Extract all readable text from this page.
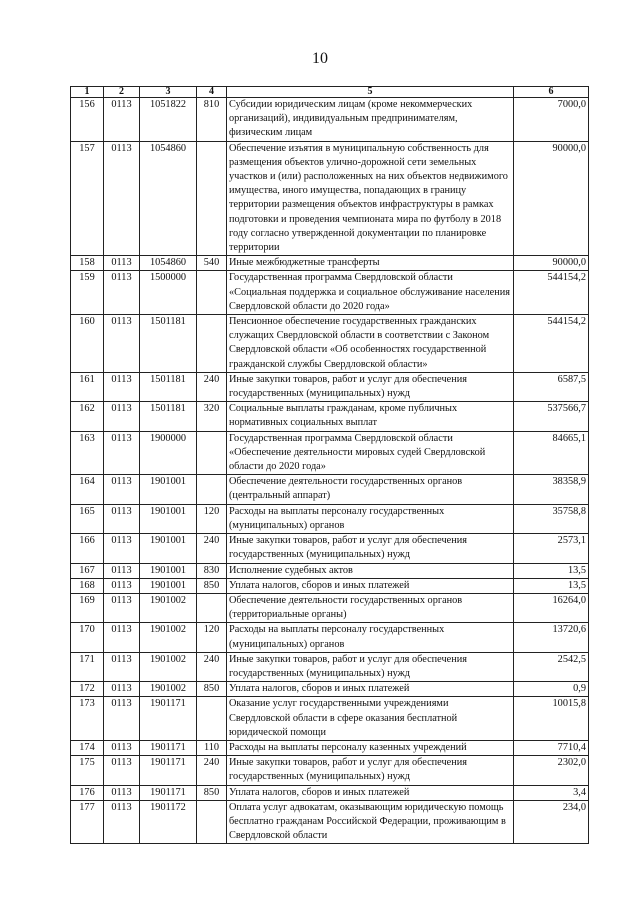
10
1	2	3	4	5	6
156	0113	1051822	810	Субсидии юридическим лицам (кроме некоммерческих организаций), индивидуальным предпринимателям, физическим лицам	7000,0
157	0113	1054860		Обеспечение изъятия в муниципальную собственность для размещения объектов улично-дорожной сети земельных участков и (или) расположенных на них объектов недвижимого имущества, иного имущества, попадающих в границу территории размещения объектов инфраструктуры в рамках подготовки и проведения чемпионата мира по футболу в 2018 году согласно утвержденной документации по планировке территории	90000,0
158	0113	1054860	540	Иные межбюджетные трансферты	90000,0
159	0113	1500000		Государственная программа Свердловской области «Социальная поддержка и социальное обслуживание населения Свердловской области до 2020 года»	544154,2
160	0113	1501181		Пенсионное обеспечение государственных гражданских служащих Свердловской области в соответствии с Законом Свердловской области «Об особенностях государственной гражданской службы Свердловской области»	544154,2
161	0113	1501181	240	Иные закупки товаров, работ и услуг для обеспечения государственных (муниципальных) нужд	6587,5
162	0113	1501181	320	Социальные выплаты гражданам, кроме публичных нормативных социальных выплат	537566,7
163	0113	1900000		Государственная программа Свердловской области «Обеспечение деятельности мировых судей Свердловской области до 2020 года»	84665,1
164	0113	1901001		Обеспечение деятельности государственных органов (центральный аппарат)	38358,9
165	0113	1901001	120	Расходы на выплаты персоналу государственных (муниципальных) органов	35758,8
166	0113	1901001	240	Иные закупки товаров, работ и услуг для обеспечения государственных (муниципальных) нужд	2573,1
167	0113	1901001	830	Исполнение судебных актов	13,5
168	0113	1901001	850	Уплата налогов, сборов и иных платежей	13,5
169	0113	1901002		Обеспечение деятельности государственных органов (территориальные органы)	16264,0
170	0113	1901002	120	Расходы на выплаты персоналу государственных (муниципальных) органов	13720,6
171	0113	1901002	240	Иные закупки товаров, работ и услуг для обеспечения государственных (муниципальных) нужд	2542,5
172	0113	1901002	850	Уплата налогов, сборов и иных платежей	0,9
173	0113	1901171		Оказание услуг государственными учреждениями Свердловской области в сфере оказания бесплатной юридической помощи	10015,8
174	0113	1901171	110	Расходы на выплаты персоналу казенных учреждений	7710,4
175	0113	1901171	240	Иные закупки товаров, работ и услуг для обеспечения государственных (муниципальных) нужд	2302,0
176	0113	1901171	850	Уплата налогов, сборов и иных платежей	3,4
177	0113	1901172		Оплата услуг адвокатам, оказывающим юридическую помощь бесплатно гражданам Российской Федерации, проживающим в Свердловской области	234,0
